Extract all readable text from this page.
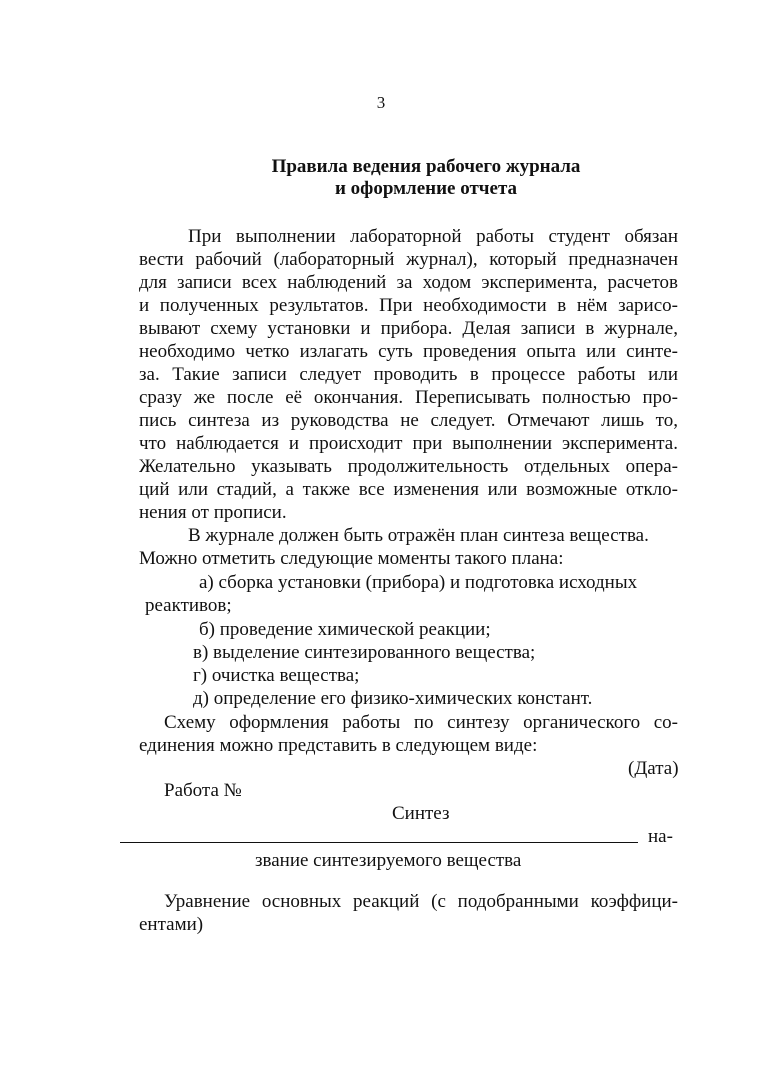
3
Правила ведения рабочего журнала
и оформление отчета
При выполнении лабораторной работы студент обязан
вести рабочий (лабораторный журнал), который предназначен
для записи всех наблюдений за ходом эксперимента, расчетов
и полученных результатов. При необходимости в нём зарисо-
вывают схему установки и прибора. Делая записи в журнале,
необходимо четко излагать суть проведения опыта или синте-
за. Такие записи следует проводить в процессе работы или
сразу же после её окончания. Переписывать полностью про-
пись синтеза из руководства не следует. Отмечают лишь то,
что наблюдается и происходит при выполнении эксперимента.
Желательно указывать продолжительность отдельных опера-
ций или стадий, а также все изменения или возможные откло-
нения от прописи.
В журнале должен быть отражён план синтеза вещества.
Можно отметить следующие моменты такого плана:
а) сборка установки (прибора) и подготовка исходных
реактивов;
б) проведение химической реакции;
в) выделение синтезированного вещества;
г) очистка вещества;
д) определение его физико-химических констант.
Схему оформления работы по синтезу органического со-
единения можно представить в следующем виде:
(Дата)
Работа №
Синтез
на-
звание синтезируемого вещества
Уравнение основных реакций (с подобранными коэффици-
ентами)
